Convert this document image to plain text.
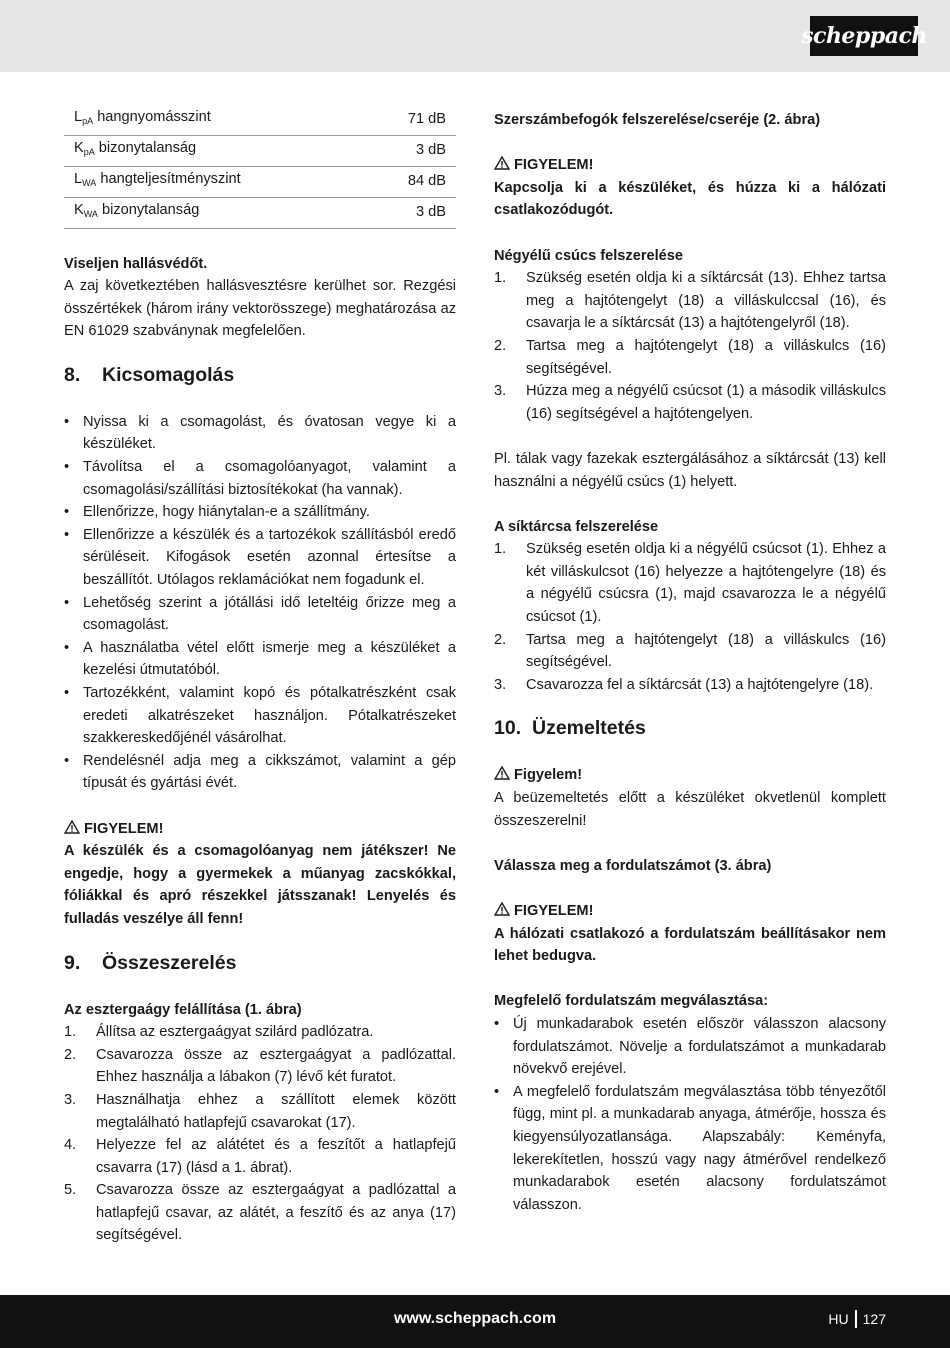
scheppach
$L_{pA}$ hangnyomásszint	71 dB
$K_{pA}$ bizonytalanság	3 dB
$L_{WA}$ hangteljesítményszint	84 dB
$K_{WA}$ bizonytalanság	3 dB

Viseljen hallásvédőt.

A zaj következtében hallásvesztésre kerülhet sor. Rezgési összértékek (három irány vektorösszege) meghatározása az EN 61029 szabványnak megfelelően.

8.	Kicsomagolás
• Nyissa ki a csomagolást, és óvatosan vegye ki a készüléket.
• Távolítsa el a csomagolóanyagot, valamint a csomagolási/szállítási biztosítékokat (ha vannak).
• Ellenőrizze, hogy hiánytalan-e a szállítmány.
• Ellenőrizze a készülék és a tartozékok szállításból eredő sérüléseit. Kifogások esetén azonnal értesítse a beszállítót. Utólagos reklamációkat nem fogadunk el.
• Lehetőség szerint a jótállási idő leteltéig őrizze meg a csomagolást.
• A használatba vétel előtt ismerje meg a készüléket a kezelési útmutatóból.
• Tartozékként, valamint kopó és pótalkatrészként csak eredeti alkatrészeket használjon. Pótalkatrészeket szakkereskedőjénél vásárolhat.
• Rendelésnél adja meg a cikkszámot, valamint a gép típusát és gyártási évét.

FIGYELEM!

A készülék és a csomagolóanyag nem játékszer! Ne engedje, hogy a gyermekek a műanyag zacskókkal, fóliákkal és apró részekkel játsszanak! Lenyelés és fulladás veszélye áll fenn!

9.	Összeszerelés

Az esztergaágy felállítása (1. ábra)

1.	Állítsa az esztergaágyat szilárd padlózatra.
2.	Csavarozza össze az esztergaágyat a padlózattal. Ehhez használja a lábakon (7) lévő két furatot.
3.	Használhatja ehhez a szállított elemek között megtalálható hatlapfejű csavarokat (17).
4.	Helyezze fel az alátétet és a feszítőt a hatlapfejű csavarra (17) (lásd a 1. ábrat).
5.	Csavarozza össze az esztergaágyat a padlózattal a hatlapfejű csavar, az alátét, a feszítő és az anya (17) segítségével.

Szerszámbefogók felszerelése/cseréje (2. ábra)

FIGYELEM!

Kapcsolja ki a készüléket, és húzza ki a hálózati csatlakozódugót.

Négyélű csúcs felszerelése

1.	Szükség esetén oldja ki a síktárcsát (13). Ehhez tartsa meg a hajtótengelyt (18) a villáskulccsal (16), és csavarja le a síktárcsát (13) a hajtótengelyről (18).
2.	Tartsa meg a hajtótengelyt (18) a villáskulcs (16) segítségével.
3.	Húzza meg a négyélű csúcsot (1) a második villáskulcs (16) segítségével a hajtótengelyen.

Pl. tálak vagy fazekak esztergálásához a síktárcsát (13) kell használni a négyélű csúcs (1) helyett.

A síktárcsa felszerelése

1.	Szükség esetén oldja ki a négyélű csúcsot (1). Ehhez a két villáskulcsot (16) helyezze a hajtótengelyre (18) és a négyélű csúcsra (1), majd csavarozza le a négyélű csúcsot (1).
2.	Tartsa meg a hajtótengelyt (18) a villáskulcs (16) segítségével.
3.	Csavarozza fel a síktárcsát (13) a hajtótengelyre (18).
10. Üzemeltetés

Figyelem!

A beüzemeltetés előtt a készüléket okvetlenül komplett összeszerelni!

Válassza meg a fordulatszámot (3. ábra)

FIGYELEM!

A hálózati csatlakozó a fordulatszám beállításakor nem lehet bedugva.

Megfelelő fordulatszám megválasztása:

• Új munkadarabok esetén először válasszon alacsony fordulatszámot. Növelje a fordulatszámot a munkadarab növekvő erejével.
• A megfelelő fordulatszám megválasztása több tényezőtől függ, mint pl. a munkadarab anyaga, átmérője, hossza és kiegyensúlyozatlansága. Alapszabály: Keményfa, lekerekítetlen, hosszú vagy nagy átmérővel rendelkező munkadarabok esetén alacsony fordulatszámot válasszon.
www.scheppach.com	HU 127
